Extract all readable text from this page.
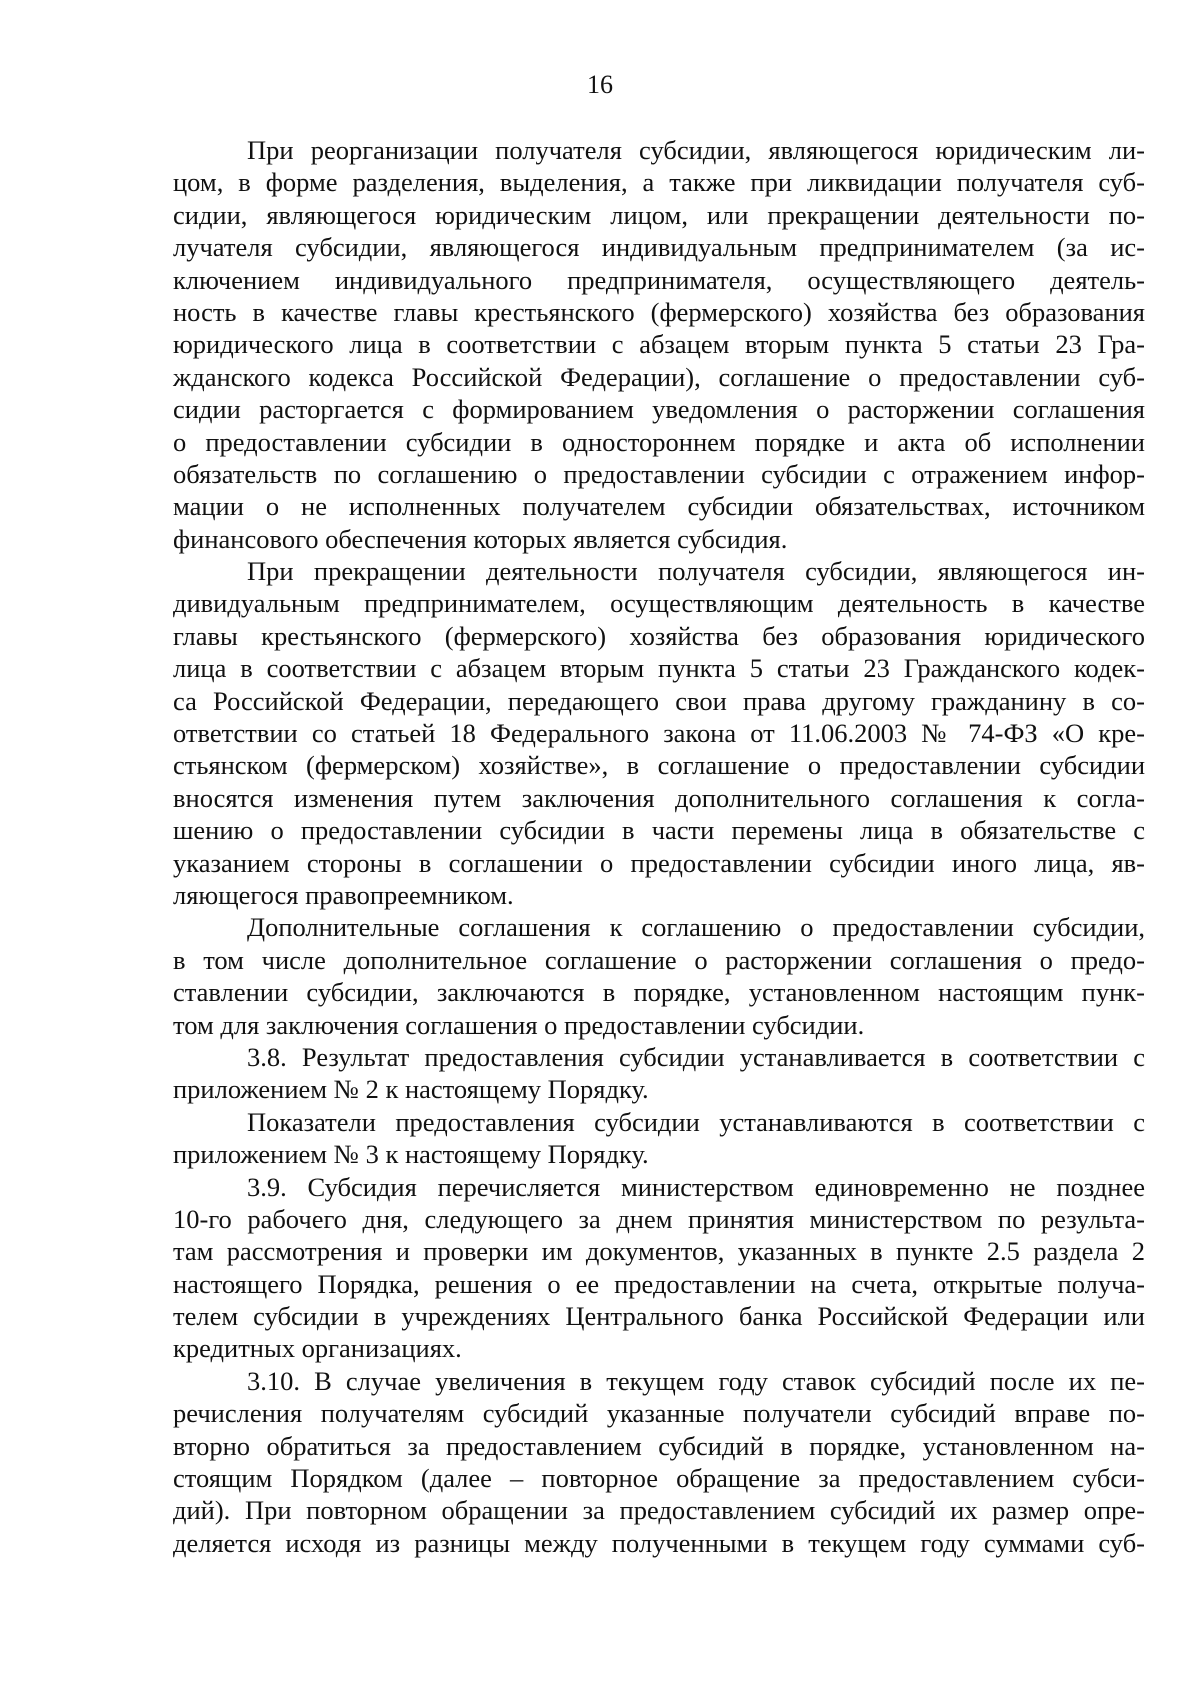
16
При реорганизации получателя субсидии, являющегося юридическим ли-
цом, в форме разделения, выделения, а также при ликвидации получателя суб-
сидии, являющегося юридическим лицом, или прекращении деятельности по-
лучателя субсидии, являющегося индивидуальным предпринимателем (за ис-
ключением индивидуального предпринимателя, осуществляющего деятель-
ность в качестве главы крестьянского (фермерского) хозяйства без образования
юридического лица в соответствии с абзацем вторым пункта 5 статьи 23 Гра-
жданского кодекса Российской Федерации), соглашение о предоставлении суб-
сидии расторгается с формированием уведомления о расторжении соглашения
о предоставлении субсидии в одностороннем порядке и акта об исполнении
обязательств по соглашению о предоставлении субсидии с отражением инфор-
мации о не исполненных получателем субсидии обязательствах, источником
финансового обеспечения которых является субсидия.
При прекращении деятельности получателя субсидии, являющегося ин-
дивидуальным предпринимателем, осуществляющим деятельность в качестве
главы крестьянского (фермерского) хозяйства без образования юридического
лица в соответствии с абзацем вторым пункта 5 статьи 23 Гражданского кодек-
са Российской Федерации, передающего свои права другому гражданину в со-
ответствии со статьей 18 Федерального закона от 11.06.2003 № 74-ФЗ «О кре-
стьянском (фермерском) хозяйстве», в соглашение о предоставлении субсидии
вносятся изменения путем заключения дополнительного соглашения к согла-
шению о предоставлении субсидии в части перемены лица в обязательстве с
указанием стороны в соглашении о предоставлении субсидии иного лица, яв-
ляющегося правопреемником.
Дополнительные соглашения к соглашению о предоставлении субсидии,
в том числе дополнительное соглашение о расторжении соглашения о предо-
ставлении субсидии, заключаются в порядке, установленном настоящим пунк-
том для заключения соглашения о предоставлении субсидии.
3.8. Результат предоставления субсидии устанавливается в соответствии с
приложением № 2 к настоящему Порядку.
Показатели предоставления субсидии устанавливаются в соответствии с
приложением № 3 к настоящему Порядку.
3.9. Субсидия перечисляется министерством единовременно не позднее
10-го рабочего дня, следующего за днем принятия министерством по результа-
там рассмотрения и проверки им документов, указанных в пункте 2.5 раздела 2
настоящего Порядка, решения о ее предоставлении на счета, открытые получа-
телем субсидии в учреждениях Центрального банка Российской Федерации или
кредитных организациях.
3.10. В случае увеличения в текущем году ставок субсидий после их пе-
речисления получателям субсидий указанные получатели субсидий вправе по-
вторно обратиться за предоставлением субсидий в порядке, установленном на-
стоящим Порядком (далее – повторное обращение за предоставлением субси-
дий). При повторном обращении за предоставлением субсидий их размер опре-
деляется исходя из разницы между полученными в текущем году суммами суб-
